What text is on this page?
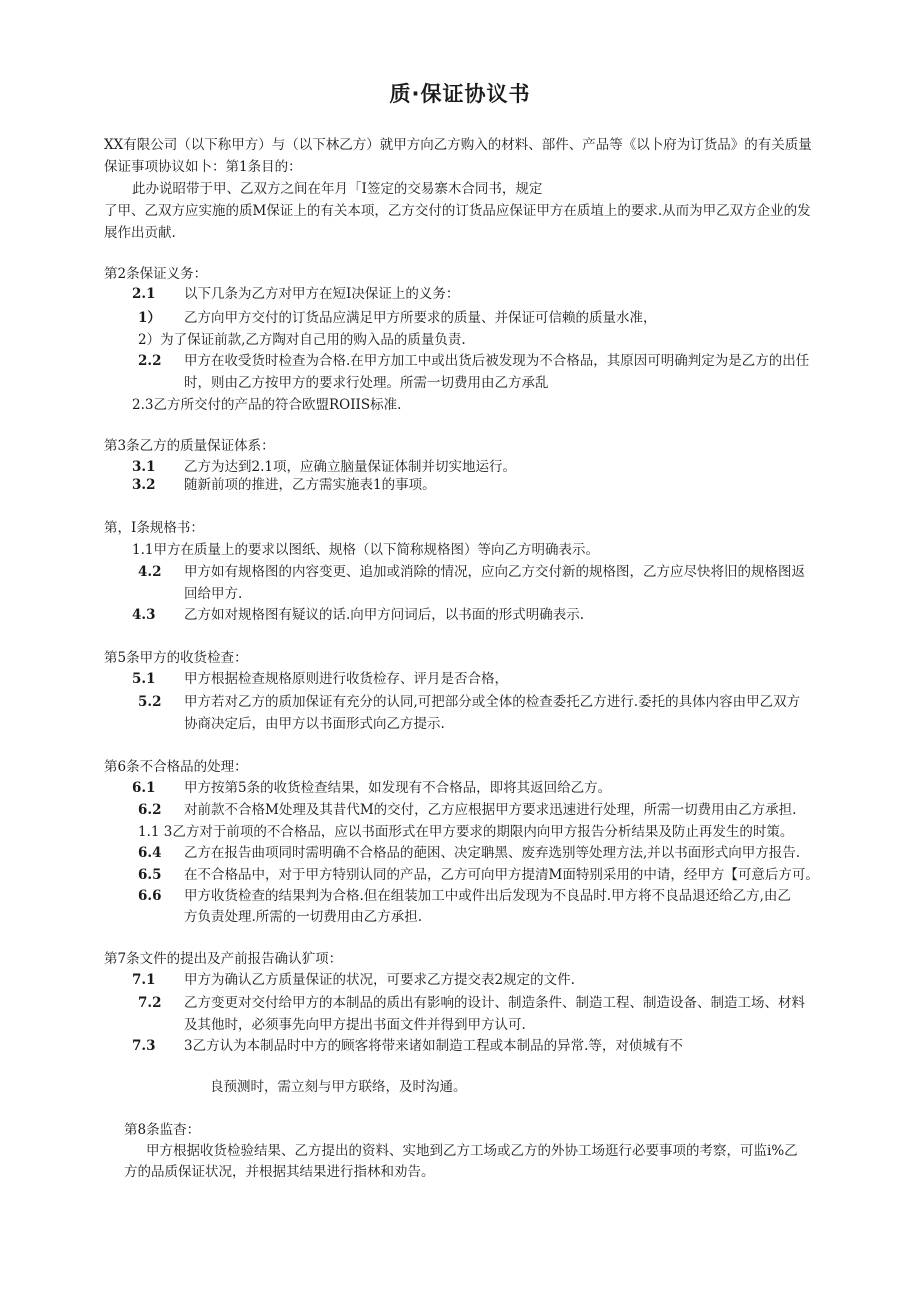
质·保证协议书
XX有限公司（以下称甲方）与（以下林乙方）就甲方向乙方购入的材料、部件、产品等《以卜府为订货品》的有关质量
保证事项协议如卜：第1条目的：
此办说昭带于甲、乙双方之间在年月「I签定的交易寨木合同书，规定
了甲、乙双方应实施的质M保证上的有关本项，乙方交付的订货品应保证甲方在质埴上的要求.从而为甲乙双方企业的发
展作出贡献.
第2条保证义务：
2.1 以下几条为乙方对甲方在短I决保证上的义务：
1） 乙方向甲方交付的订货品应满足甲方所要求的质量、并保证可信赖的质量水准，
2）为了保证前款,乙方陶对自己用的购入品的质量负责.
2.2 甲方在收受货时检查为合格.在甲方加工中或出货后被发现为不合格品，其原因可明确判定为是乙方的出任
时，则由乙方按甲方的要求行处理。所需一切费用由乙方承乱
2.3乙方所交付的产品的符合欧盟ROIIS标准.
第3条乙方的质量保证体系：
3.1 乙方为达到2.1项，应确立脑量保证体制并切实地运行。
3.2 随新前项的推进，乙方需实施表1的事项。
第，I条规格书：
1.1甲方在质量上的要求以图纸、规格（以下简称规格图）等向乙方明确表示。
4.2 甲方如有规格图的内容变更、追加或消除的情况，应向乙方交付新的规格图，乙方应尽快将旧的规格图返
回给甲方.
4.3 乙方如对规格图有疑议的话.向甲方问词后，以书面的形式明确表示.
第5条甲方的收货检查：
5.1 甲方根据检查规格原则进行收货检存、评月是否合格，
5.2 甲方若对乙方的质加保证有充分的认同,可把部分或全体的检查委托乙方进行.委托的具体内容由甲乙双方
协商决定后，由甲方以书面形式向乙方提示.
第6条不合格品的处理：
6.1 甲方按第5条的收货检查结果，如发现有不合格品，即将其返回给乙方。
6.2 对前款不合格M处理及其昔代M的交付，乙方应根据甲方要求迅速进行处理，所需一切费用由乙方承担.
1.1 3乙方对于前项的不合格品，应以书面形式在甲方要求的期限内向甲方报告分析结果及防止再发生的时策。
6.4 乙方在报告曲项同时需明确不合格品的葩困、决定聃黑、废弃选别等处理方法,并以书面形式向甲方报告.
6.5 在不合格品中，对于甲方特别认同的产品，乙方可向甲方提清M面特别采用的中请，经甲方【可意后方可。
6.6 甲方收货检查的结果判为合格.但在组装加工中或件出后发现为不良品时.甲方将不良品退还给乙方,由乙
方负责处理.所需的一切费用由乙方承担.
第7条文件的提出及产前报告确认犷项：
7.1 甲方为确认乙方质量保证的状况，可要求乙方提交表2规定的文件.
7.2 乙方变更对交付给甲方的本制品的质出有影响的设计、制造条件、制造工程、制造设备、制造工场、材料
及其他时，必须事先向甲方提出书面文件并得到甲方认可.
7.3 3乙方认为本制品时中方的顾客将带来诸如制造工程或本制品的异常.等，对侦城有不
良预测时，需立刻与甲方联络，及时沟通。
第8条监杳：
甲方根据收货检验结果、乙方提出的资料、实地到乙方工场或乙方的外协工场逛行必要事项的考察，可监i%乙
方的品质保证状况，并根据其结果进行指林和劝告。
